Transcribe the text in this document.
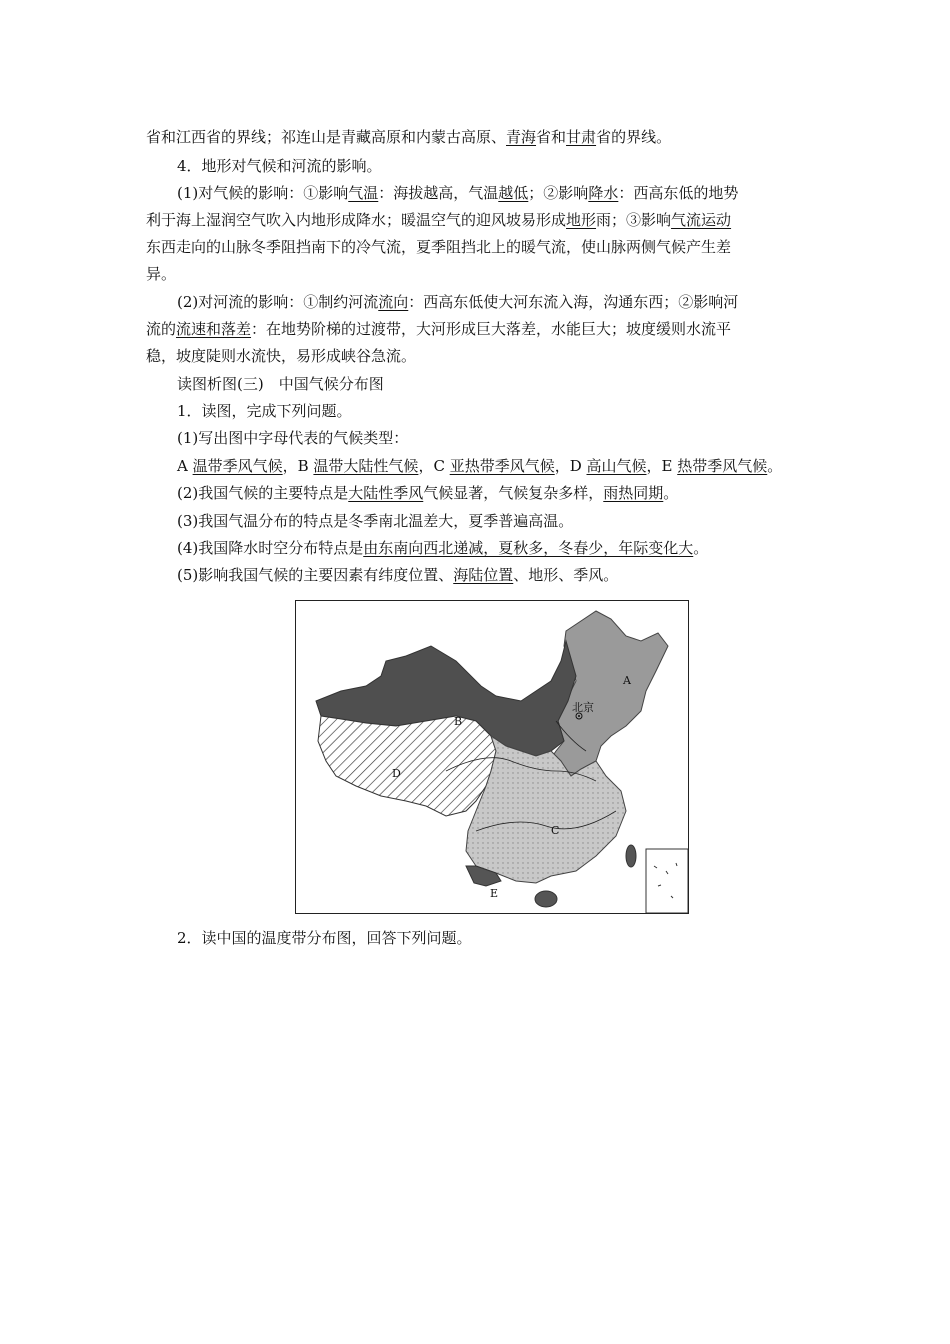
省和江西省的界线；祁连山是青藏高原和内蒙古高原、青海省和甘肃省的界线。
4．地形对气候和河流的影响。
(1)对气候的影响：①影响气温：海拔越高，气温越低；②影响降水：西高东低的地势
利于海上湿润空气吹入内地形成降水；暖温空气的迎风坡易形成地形雨；③影响气流运动
东西走向的山脉冬季阻挡南下的冷气流，夏季阻挡北上的暖气流，使山脉两侧气候产生差
异。
(2)对河流的影响：①制约河流流向：西高东低使大河东流入海，沟通东西；②影响河
流的流速和落差：在地势阶梯的过渡带，大河形成巨大落差，水能巨大；坡度缓则水流平
稳，坡度陡则水流快，易形成峡谷急流。
读图析图(三)　中国气候分布图
1．读图，完成下列问题。
(1)写出图中字母代表的气候类型：
A 温带季风气候，B 温带大陆性气候，C 亚热带季风气候，D 高山气候，E 热带季风气候。
(2)我国气候的主要特点是大陆性季风气候显著，气候复杂多样，雨热同期。
(3)我国气温分布的特点是冬季南北温差大，夏季普遍高温。
(4)我国降水时空分布特点是由东南向西北递减，夏秋多，冬春少，年际变化大。
(5)影响我国气候的主要因素有纬度位置、海陆位置、地形、季风。
北京
A
B
C
D
E
2．读中国的温度带分布图，回答下列问题。
